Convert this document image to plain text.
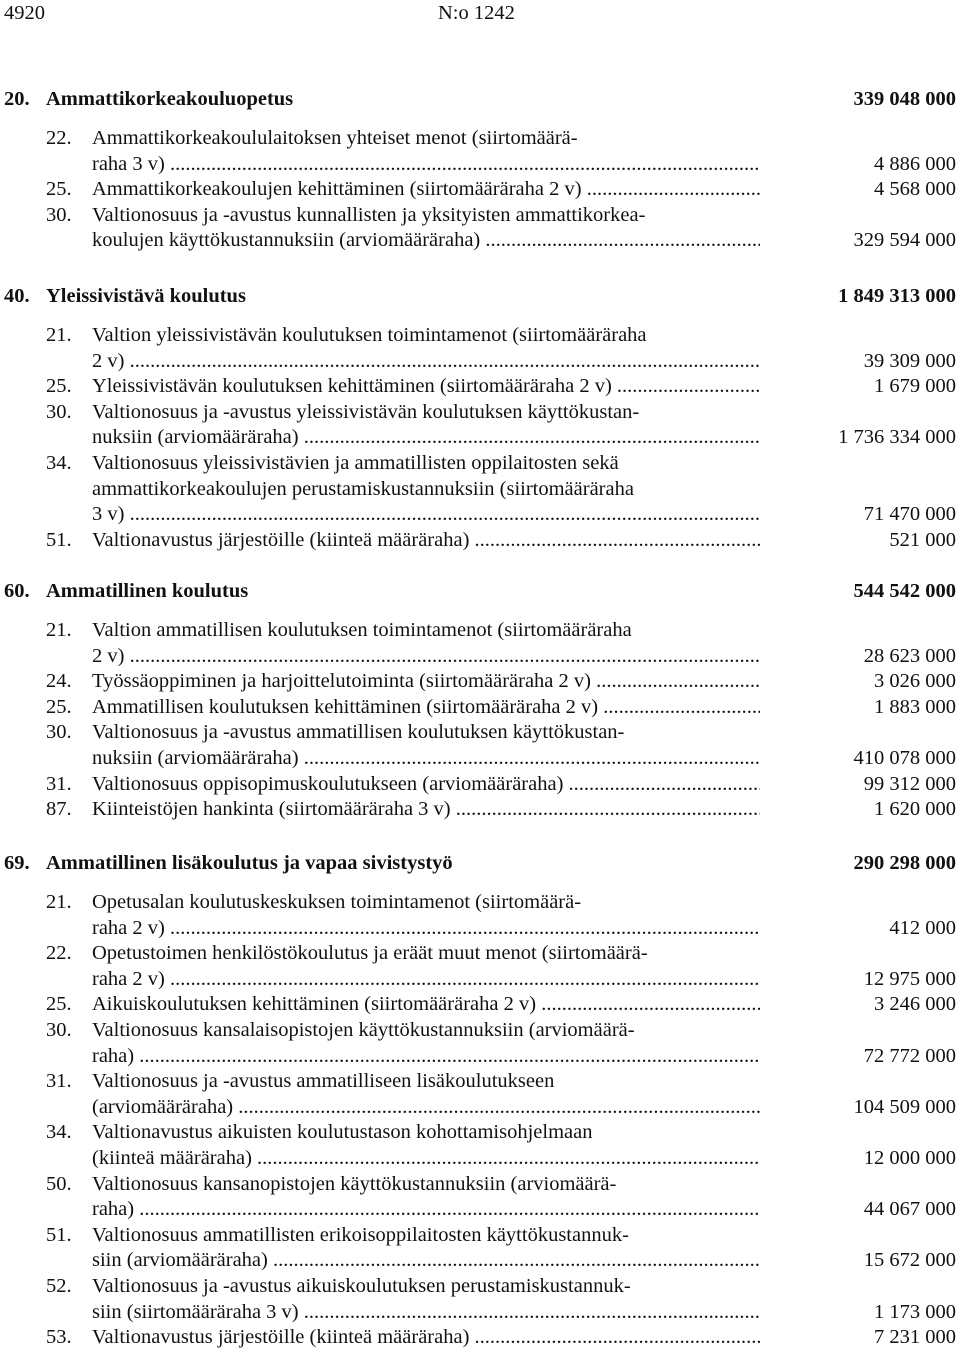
4920	N:o 1242
20. Ammattikorkeakouluopetus	339 048 000
22. Ammattikorkeakoululaitoksen yhteiset menot (siirtomäärä-
raha 3 v) .....	4 886 000
25. Ammattikorkeakoulujen kehittäminen (siirtomääräraha 2 v) .....	4 568 000
30. Valtionosuus ja -avustus kunnallisten ja yksityisten ammattikorkea-
koulujen käyttökustannuksiin (arviomääräraha) .....	329 594 000
40. Yleissivistävä koulutus	1 849 313 000
21. Valtion yleissivistävän koulutuksen toimintamenot (siirtomääräraha
2 v) .....	39 309 000
25. Yleissivistävän koulutuksen kehittäminen (siirtomääräraha 2 v) .....	1 679 000
30. Valtionosuus ja -avustus yleissivistävän koulutuksen käyttökustan-
nuksiin (arviomääräraha) .....	1 736 334 000
34. Valtionosuus yleissivistävien ja ammatillisten oppilaitosten sekä
ammattikorkeakoulujen perustamiskustannuksiin (siirtomääräraha
3 v) .....	71 470 000
51. Valtionavustus järjestöille (kiinteä määräraha) .....	521 000
60. Ammatillinen koulutus	544 542 000
21. Valtion ammatillisen koulutuksen toimintamenot (siirtomääräraha
2 v) .....	28 623 000
24. Työssäoppiminen ja harjoittelutoiminta (siirtomääräraha 2 v) .....	3 026 000
25. Ammatillisen koulutuksen kehittäminen (siirtomääräraha 2 v) .....	1 883 000
30. Valtionosuus ja -avustus ammatillisen koulutuksen käyttökustan-
nuksiin (arviomääräraha) .....	410 078 000
31. Valtionosuus oppisopimuskoulutukseen (arviomääräraha) .....	99 312 000
87. Kiinteistöjen hankinta (siirtomääräraha 3 v) .....	1 620 000
69. Ammatillinen lisäkoulutus ja vapaa sivistystyö	290 298 000
21. Opetusalan koulutuskeskuksen toimintamenot (siirtomäärä-
raha 2 v) .....	412 000
22. Opetustoimen henkilöstökoulutus ja eräät muut menot (siirtomäärä-
raha 2 v) .....	12 975 000
25. Aikuiskoulutuksen kehittäminen (siirtomääräraha 2 v) .....	3 246 000
30. Valtionosuus kansalaisopistojen käyttökustannuksiin (arviomäärä-
raha) .....	72 772 000
31. Valtionosuus ja -avustus ammatilliseen lisäkoulutukseen
(arviomääräraha) .....	104 509 000
34. Valtionavustus aikuisten koulutustason kohottamisohjelmaan
(kiinteä määräraha) .....	12 000 000
50. Valtionosuus kansanopistojen käyttökustannuksiin (arviomäärä-
raha) .....	44 067 000
51. Valtionosuus ammatillisten erikoisoppilaitosten käyttökustannuk-
siin (arviomääräraha) .....	15 672 000
52. Valtionosuus ja -avustus aikuiskoulutuksen perustamiskustannuk-
siin (siirtomääräraha 3 v) .....	1 173 000
53. Valtionavustus järjestöille (kiinteä määräraha) .....	7 231 000
